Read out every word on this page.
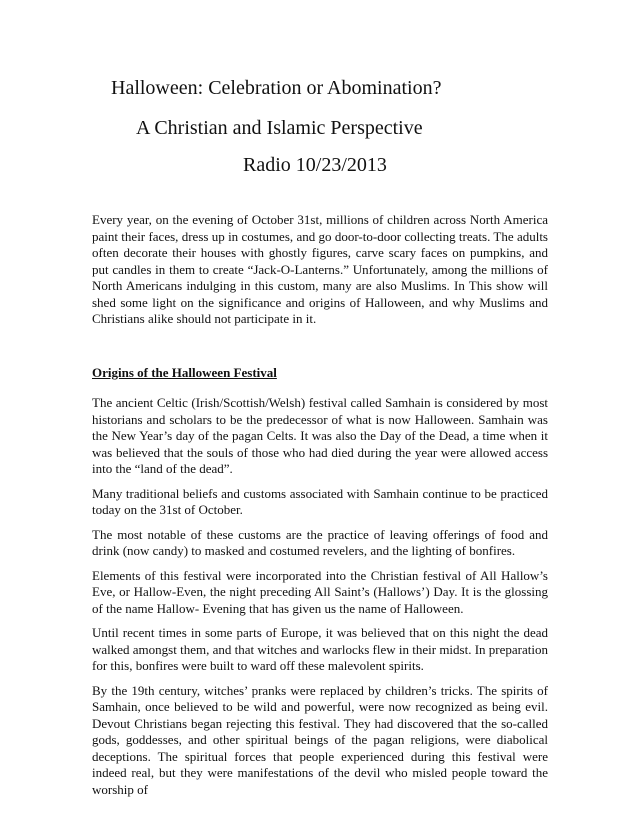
Halloween: Celebration or Abomination?
A Christian and Islamic Perspective
Radio 10/23/2013

Every year, on the evening of October 31st, millions of children across North America paint their faces, dress up in costumes, and go door-to-door collecting treats. The adults often decorate their houses with ghostly figures, carve scary faces on pumpkins, and put candles in them to create “Jack-O-Lanterns.” Unfortunately, among the millions of North Americans indulging in this custom, many are also Muslims. In This show will shed some light on the significance and origins of Halloween, and why Muslims and Christians alike should not participate in it.

Origins of the Halloween Festival

The ancient Celtic (Irish/Scottish/Welsh) festival called Samhain is considered by most historians and scholars to be the predecessor of what is now Halloween. Samhain was the New Year’s day of the pagan Celts. It was also the Day of the Dead, a time when it was believed that the souls of those who had died during the year were allowed access into the “land of the dead”.

Many traditional beliefs and customs associated with Samhain continue to be practiced today on the 31st of October.

The most notable of these customs are the practice of leaving offerings of food and drink (now candy) to masked and costumed revelers, and the lighting of bonfires.

Elements of this festival were incorporated into the Christian festival of All Hallow’s Eve, or Hallow-Even, the night preceding All Saint’s (Hallows’) Day. It is the glossing of the name Hallow- Evening that has given us the name of Halloween.

Until recent times in some parts of Europe, it was believed that on this night the dead walked amongst them, and that witches and warlocks flew in their midst. In preparation for this, bonfires were built to ward off these malevolent spirits.

By the 19th century, witches’ pranks were replaced by children’s tricks. The spirits of Samhain, once believed to be wild and powerful, were now recognized as being evil. Devout Christians began rejecting this festival. They had discovered that the so-called gods, goddesses, and other spiritual beings of the pagan religions, were diabolical deceptions. The spiritual forces that people experienced during this festival were indeed real, but they were manifestations of the devil who misled people toward the worship of
